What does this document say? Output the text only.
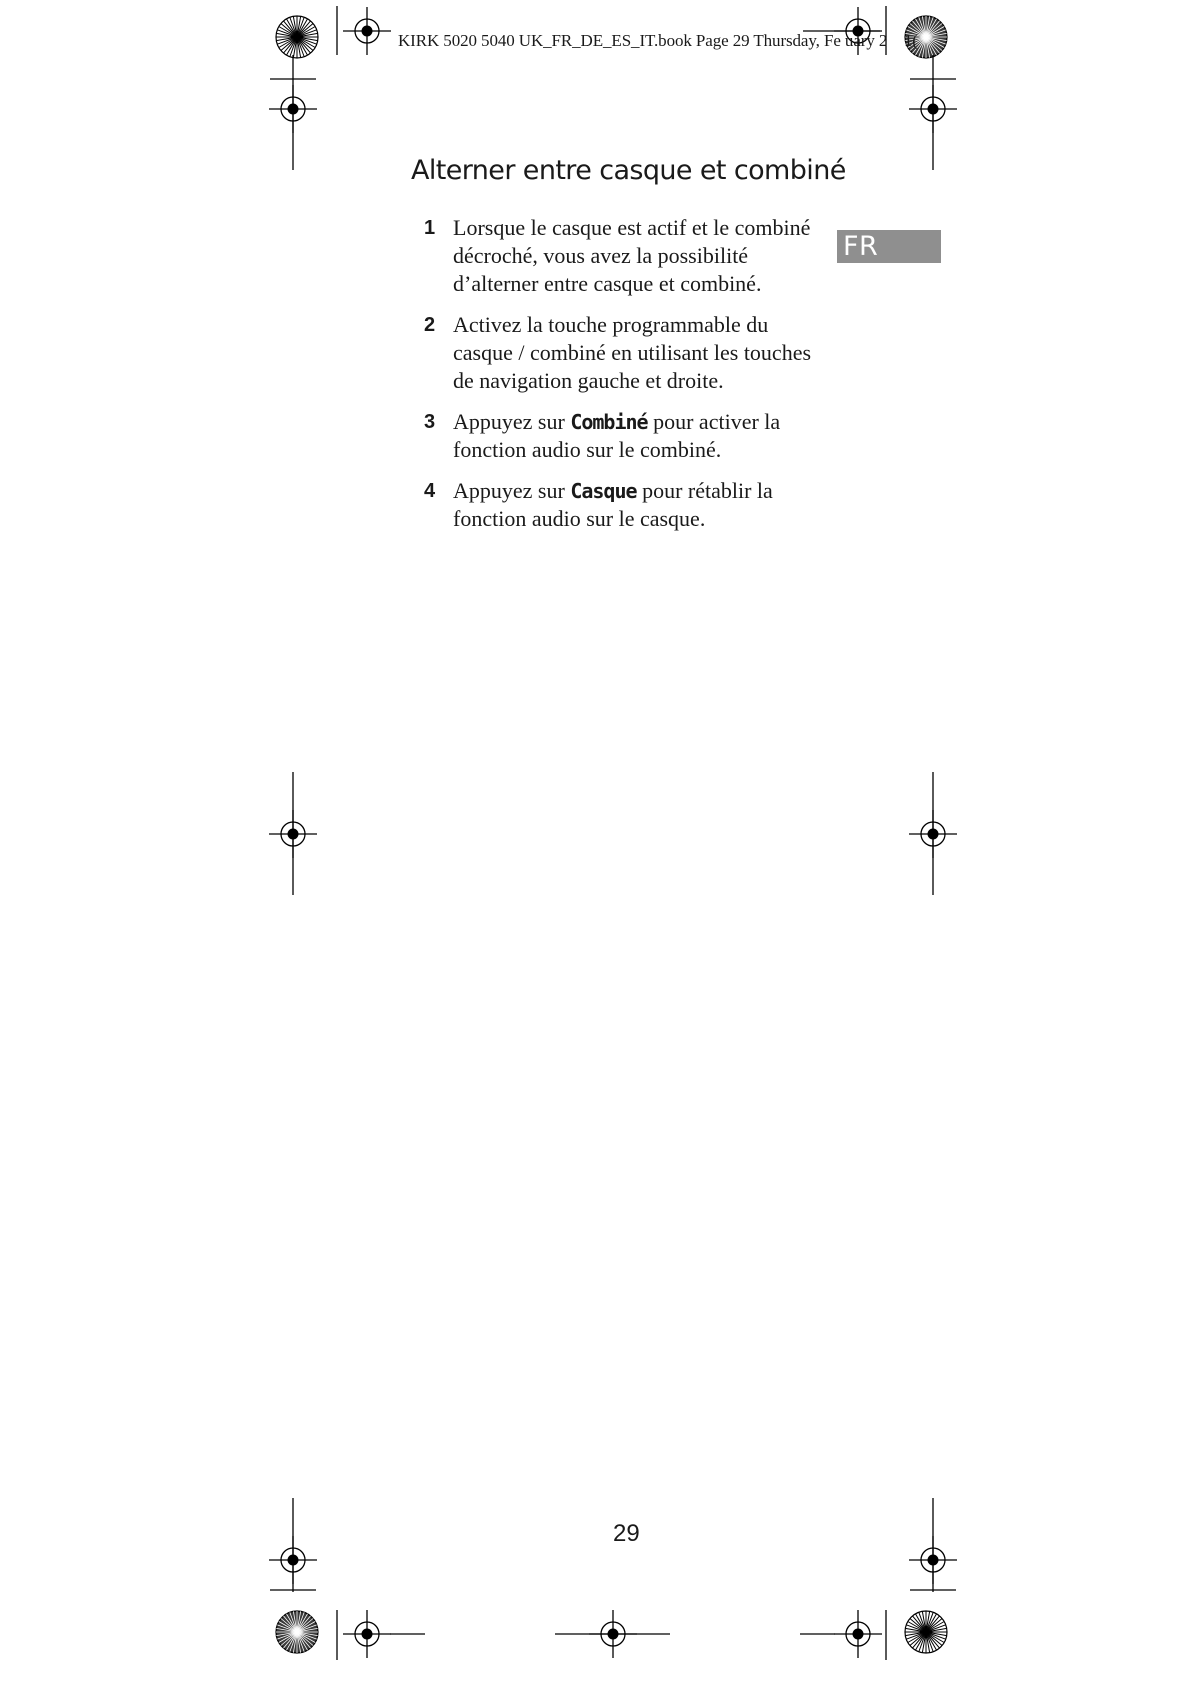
KIRK 5020 5040 UK_FR_DE_ES_IT.book Page 29 Thursday, Fe uary 2    1(
Alterner entre casque et combiné
FR
1 Lorsque le casque est actif et le combiné décroché, vous avez la possibilité d’alterner entre casque et combiné.
2 Activez la touche programmable du casque / combiné en utilisant les touches de navigation gauche et droite.
3 Appuyez sur Combiné pour activer la fonction audio sur le combiné.
4 Appuyez sur Casque pour rétablir la fonction audio sur le casque.
29
